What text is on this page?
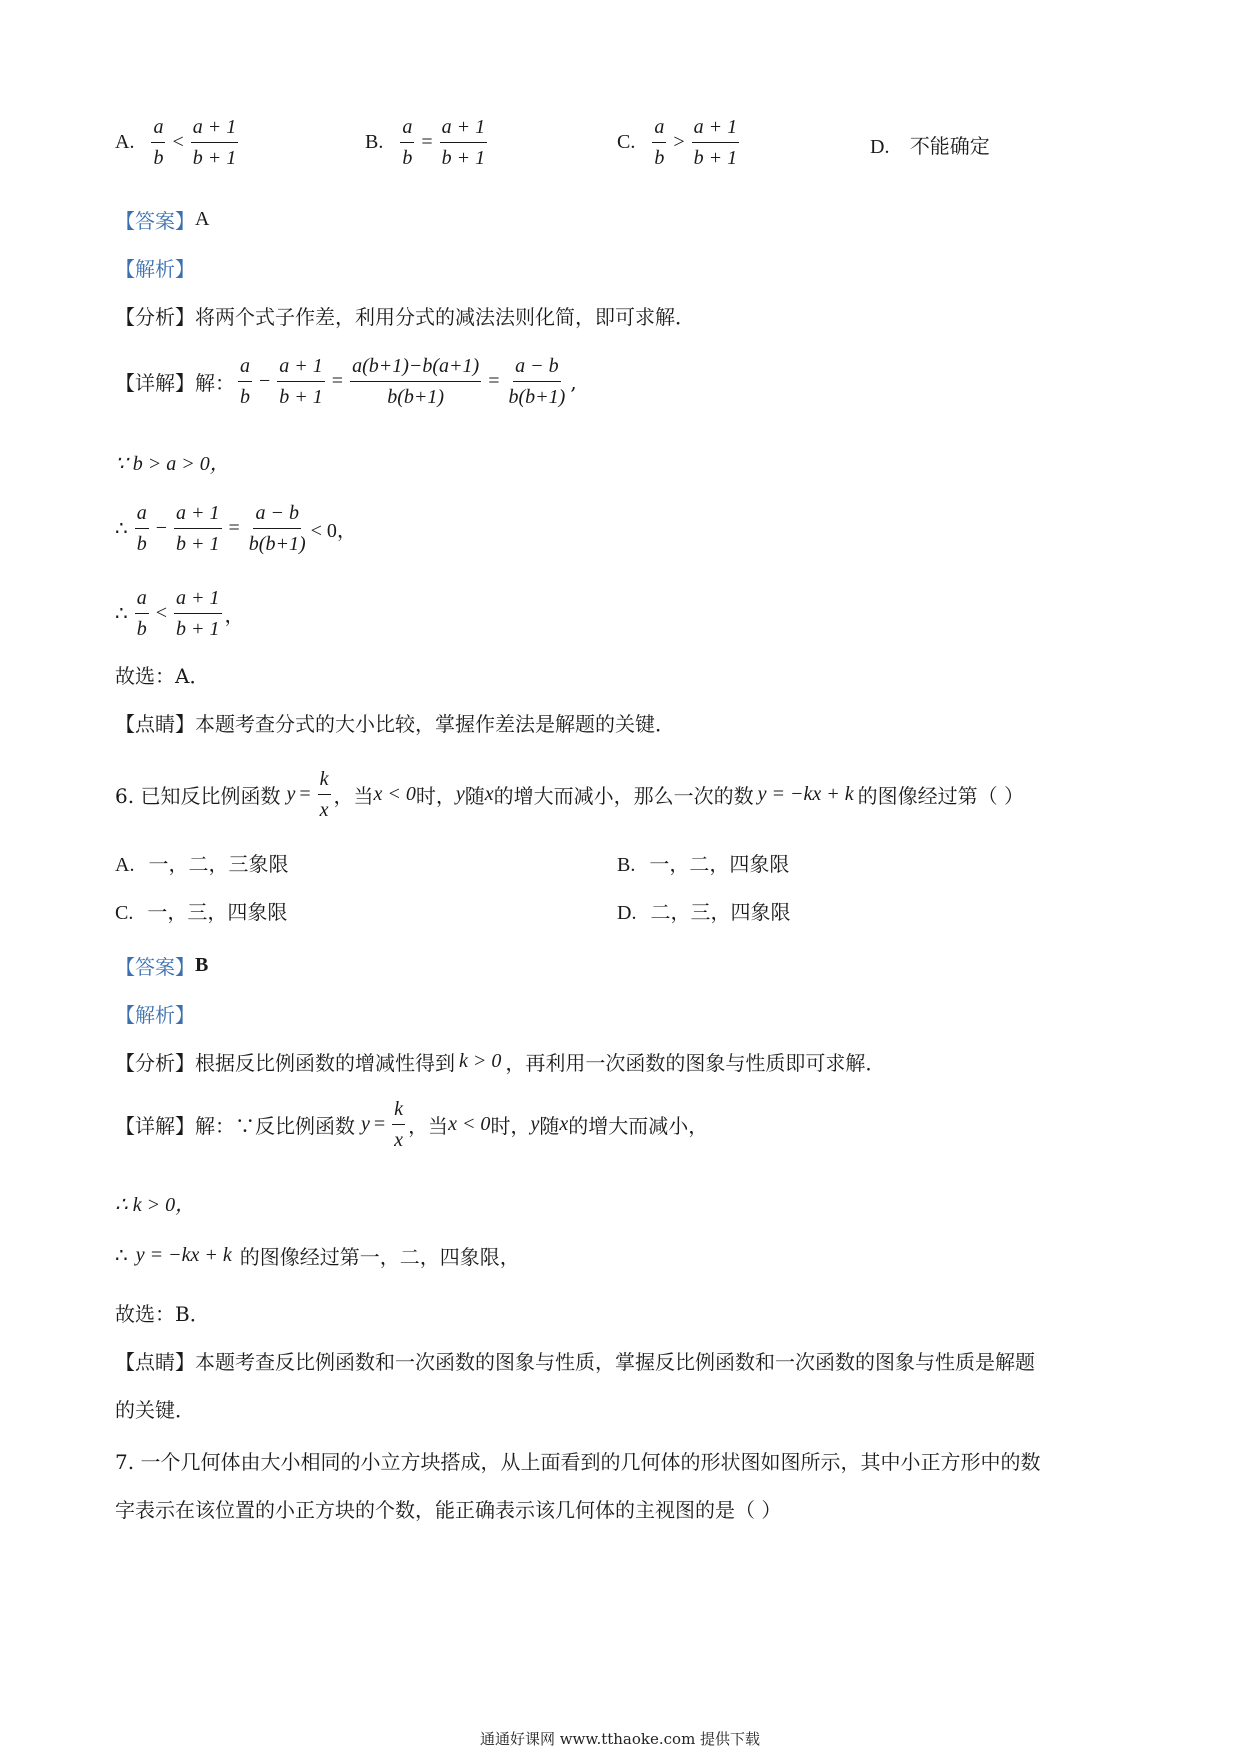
A. $\frac{a}{b} < \frac{a + 1}{b + 1}$	B. $\frac{a}{b} = \frac{a + 1}{b + 1}$	C. $\frac{a}{b} > \frac{a + 1}{b + 1}$	D. 不能确定
【答案】 A
【解析】
【分析】 将两个式子作差，利用分式的减法法则化简，即可求解．
【详解】 解： $\frac{a}{b} - \frac{a + 1}{b + 1} = \frac{a(b+1)-b(a+1)}{b(b+1)} = \frac{a - b}{b(b+1)}$ ,
∵ b > a > 0，
∴ $\frac{a}{b} - \frac{a + 1}{b + 1} = \frac{a - b}{b(b+1)} < 0$，
∴ $\frac{a}{b} < \frac{a + 1}{b + 1}$ ，
故选：A．
【点睛】 本题考查分式的大小比较，掌握作差法是解题的关键．
6. 已知反比例函数 $y = \frac{k}{x}$ ，当 x < 0 时， y 随 x 的增大而减小，那么一次的数 y = −kx + k 的图像经过第（ ）
A. 一，二，三象限	B. 一，二，四象限
C. 一，三，四象限	D. 二，三，四象限
【答案】 B
【解析】
【分析】 根据反比例函数的增减性得到 k > 0 ，再利用一次函数的图象与性质即可求解．
【详解】 解：∵反比例函数 $y = \frac{k}{x}$ ，当 x < 0 时， y 随 x 的增大而减小，
∴ k > 0，
∴ y = −kx + k 的图像经过第一，二，四象限，
故选：B．
【点睛】 本题考查反比例函数和一次函数的图象与性质，掌握反比例函数和一次函数的图象与性质是解题
的关键．
7. 一个几何体由大小相同的小立方块搭成，从上面看到的几何体的形状图如图所示，其中小正方形中的数
字表示在该位置的小正方块的个数，能正确表示该几何体的主视图的是（ ）
通通好课网 www.tthaoke.com 提供下载
